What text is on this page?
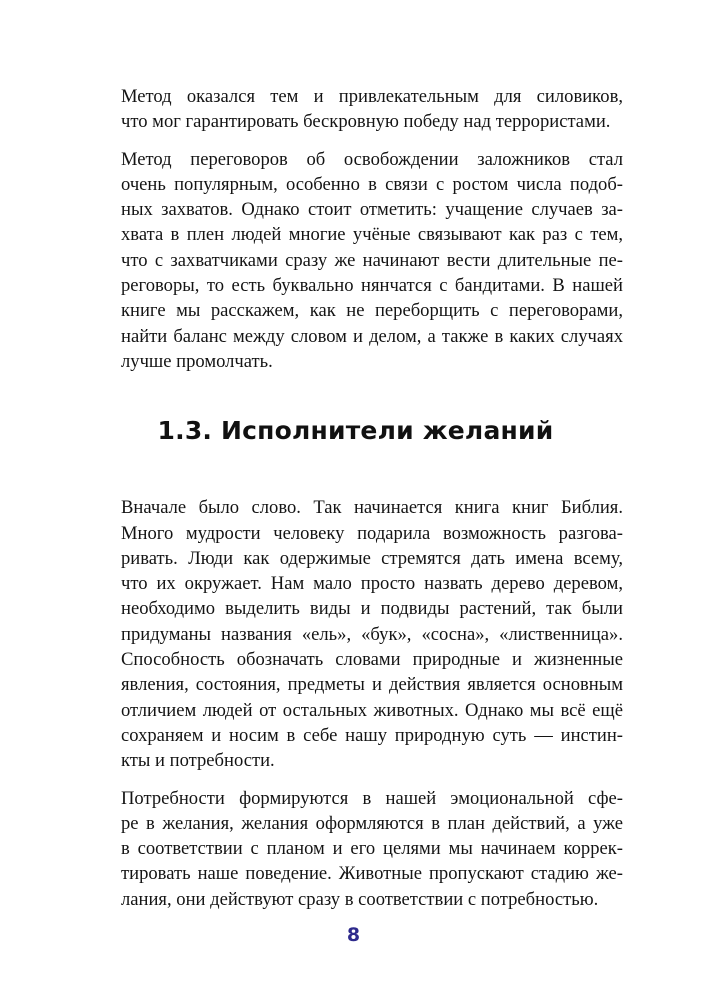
Метод оказался тем и привлекательным для силовиков,
что мог гарантировать бескровную победу над террористами.

Метод переговоров об освобождении заложников стал
очень популярным, особенно в связи с ростом числа подоб-
ных захватов. Однако стоит отметить: учащение случаев за-
хвата в плен людей многие учёные связывают как раз с тем,
что с захватчиками сразу же начинают вести длительные пе-
реговоры, то есть буквально нянчатся с бандитами. В нашей
книге мы расскажем, как не переборщить с переговорами,
найти баланс между словом и делом, а также в каких случаях
лучше промолчать.

1.3. Исполнители желаний

Вначале было слово. Так начинается книга книг Библия.
Много мудрости человеку подарила возможность разгова-
ривать. Люди как одержимые стремятся дать имена всему,
что их окружает. Нам мало просто назвать дерево деревом,
необходимо выделить виды и подвиды растений, так были
придуманы названия «ель», «бук», «сосна», «лиственница».
Способность обозначать словами природные и жизненные
явления, состояния, предметы и действия является основным
отличием людей от остальных животных. Однако мы всё ещё
сохраняем и носим в себе нашу природную суть — инстин-
кты и потребности.

Потребности формируются в нашей эмоциональной сфе-
ре в желания, желания оформляются в план действий, а уже
в соответствии с планом и его целями мы начинаем коррек-
тировать наше поведение. Животные пропускают стадию же-
лания, они действуют сразу в соответствии с потребностью.

8
